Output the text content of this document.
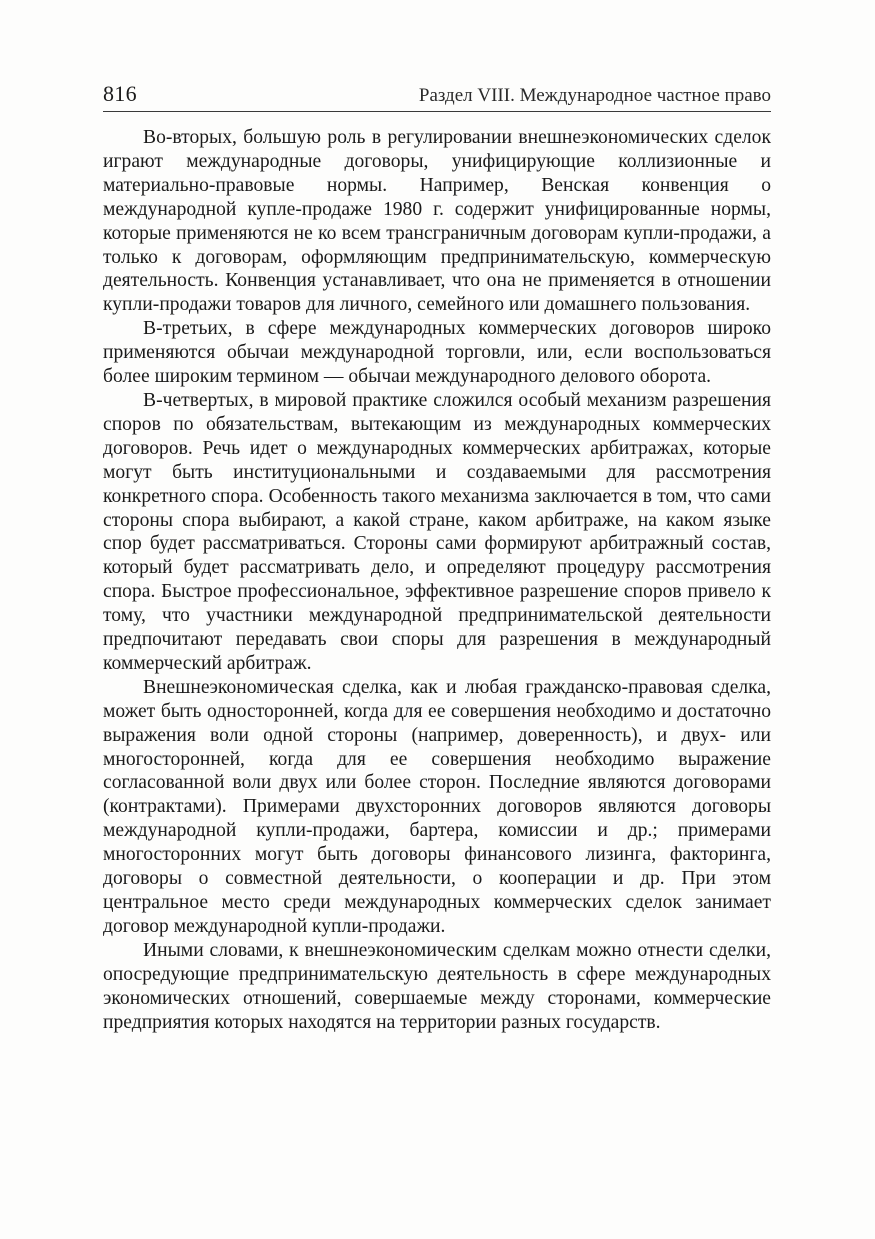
816	Раздел VIII. Международное частное право

Во-вторых, большую роль в регулировании внешнеэкономических сделок играют международные договоры, унифицирующие коллизионные и материально-правовые нормы. Например, Венская конвенция о международной купле-продаже 1980 г. содержит унифицированные нормы, которые применяются не ко всем трансграничным договорам купли-продажи, а только к договорам, оформляющим предпринимательскую, коммерческую деятельность. Конвенция устанавливает, что она не применяется в отношении купли-продажи товаров для личного, семейного или домашнего пользования.

В-третьих, в сфере международных коммерческих договоров широко применяются обычаи международной торговли, или, если воспользоваться более широким термином — обычаи международного делового оборота.

В-четвертых, в мировой практике сложился особый механизм разрешения споров по обязательствам, вытекающим из международных коммерческих договоров. Речь идет о международных коммерческих арбитражах, которые могут быть институциональными и создаваемыми для рассмотрения конкретного спора. Особенность такого механизма заключается в том, что сами стороны спора выбирают, а какой стране, каком арбитраже, на каком языке спор будет рассматриваться. Стороны сами формируют арбитражный состав, который будет рассматривать дело, и определяют процедуру рассмотрения спора. Быстрое профессиональное, эффективное разрешение споров привело к тому, что участники международной предпринимательской деятельности предпочитают передавать свои споры для разрешения в международный коммерческий арбитраж.

Внешнеэкономическая сделка, как и любая гражданско-правовая сделка, может быть односторонней, когда для ее совершения необходимо и достаточно выражения воли одной стороны (например, доверенность), и двух- или многосторонней, когда для ее совершения необходимо выражение согласованной воли двух или более сторон. Последние являются договорами (контрактами). Примерами двухсторонних договоров являются договоры международной купли-продажи, бартера, комиссии и др.; примерами многосторонних могут быть договоры финансового лизинга, факторинга, договоры о совместной деятельности, о кооперации и др. При этом центральное место среди международных коммерческих сделок занимает договор международной купли-продажи.

Иными словами, к внешнеэкономическим сделкам можно отнести сделки, опосредующие предпринимательскую деятельность в сфере международных экономических отношений, совершаемые между сторонами, коммерческие предприятия которых находятся на территории разных государств.
